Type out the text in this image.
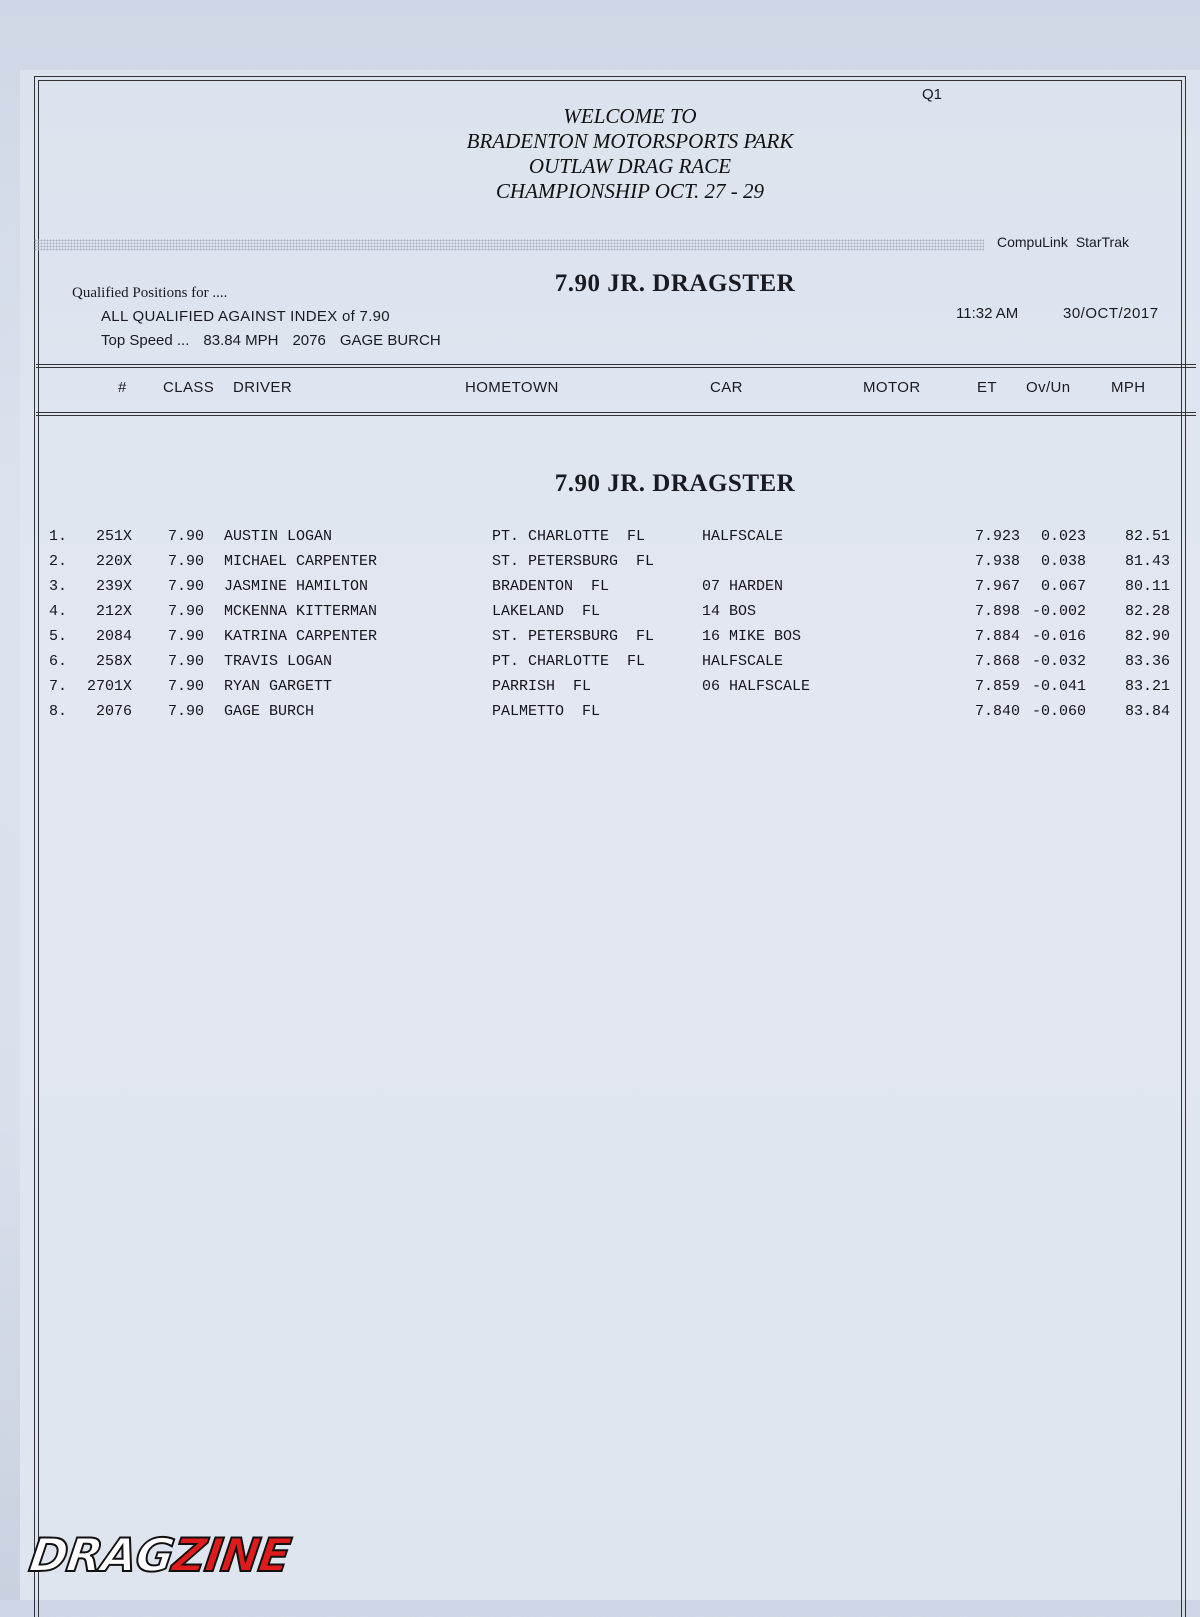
WELCOME TO
BRADENTON MOTORSPORTS PARK
OUTLAW DRAG RACE
CHAMPIONSHIP OCT. 27 - 29
Q1
CompuLink StarTrak
Qualified Positions for ....	7.90 JR. DRAGSTER
ALL QUALIFIED AGAINST INDEX of 7.90
Top Speed ... 83.84 MPH 2076 GAGE BURCH
11:32 AM	30/OCT/2017
# CLASS DRIVER	HOMETOWN	CAR	MOTOR	ET Ov/Un	MPH
7.90 JR. DRAGSTER
1.	251X 7.90 AUSTIN LOGAN	PT. CHARLOTTE  FL	HALFSCALE	7.923	0.023	82.51
2.	220X 7.90 MICHAEL CARPENTER	ST. PETERSBURG  FL	7.938	0.038	81.43
3.	239X 7.90 JASMINE HAMILTON	BRADENTON  FL	07 HARDEN	7.967	0.067	80.11
4.	212X 7.90 MCKENNA KITTERMAN	LAKELAND  FL	14 BOS	7.898 -0.002	82.28
5.	2084 7.90 KATRINA CARPENTER	ST. PETERSBURG  FL	16 MIKE BOS	7.884 -0.016	82.90
6.	258X 7.90 TRAVIS LOGAN	PT. CHARLOTTE  FL	HALFSCALE	7.868 -0.032	83.36
7.	2701X 7.90 RYAN GARGETT	PARRISH  FL	06 HALFSCALE	7.859 -0.041	83.21
8.	2076 7.90 GAGE BURCH	PALMETTO  FL	7.840 -0.060	83.84
DRAGZINE
